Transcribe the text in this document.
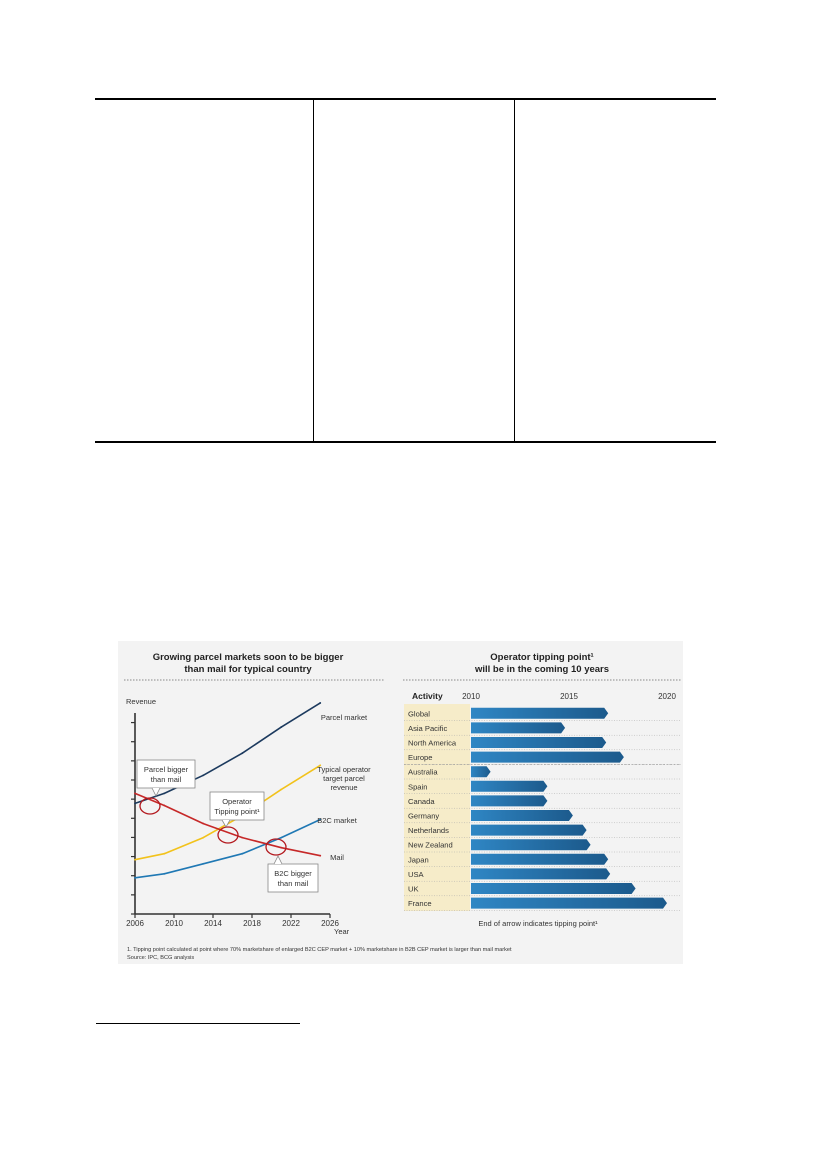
Growing parcel markets soon to be bigger
than mail for typical country
Operator tipping point¹
will be in the coming 10 years
Revenue
2006	2010	2014	2018	2022	2026
Year
Parcel bigger
than mail
Operator
Tipping point¹
B2C bigger
than mail
Parcel market
Typical operator
target parcel
revenue
B2C market
Mail
Activity 2010	2015	2020
Global
Asia Pacific
North America
Europe
Australia
Spain
Canada
Germany
Netherlands
New Zealand
Japan
USA
UK
France
End of arrow indicates tipping point¹
1. Tipping point calculated at point where 70% marketshare of enlarged B2C CEP market + 10% marketshare in B2B CEP market is larger than mail market
Source: IPC, BCG analysis
